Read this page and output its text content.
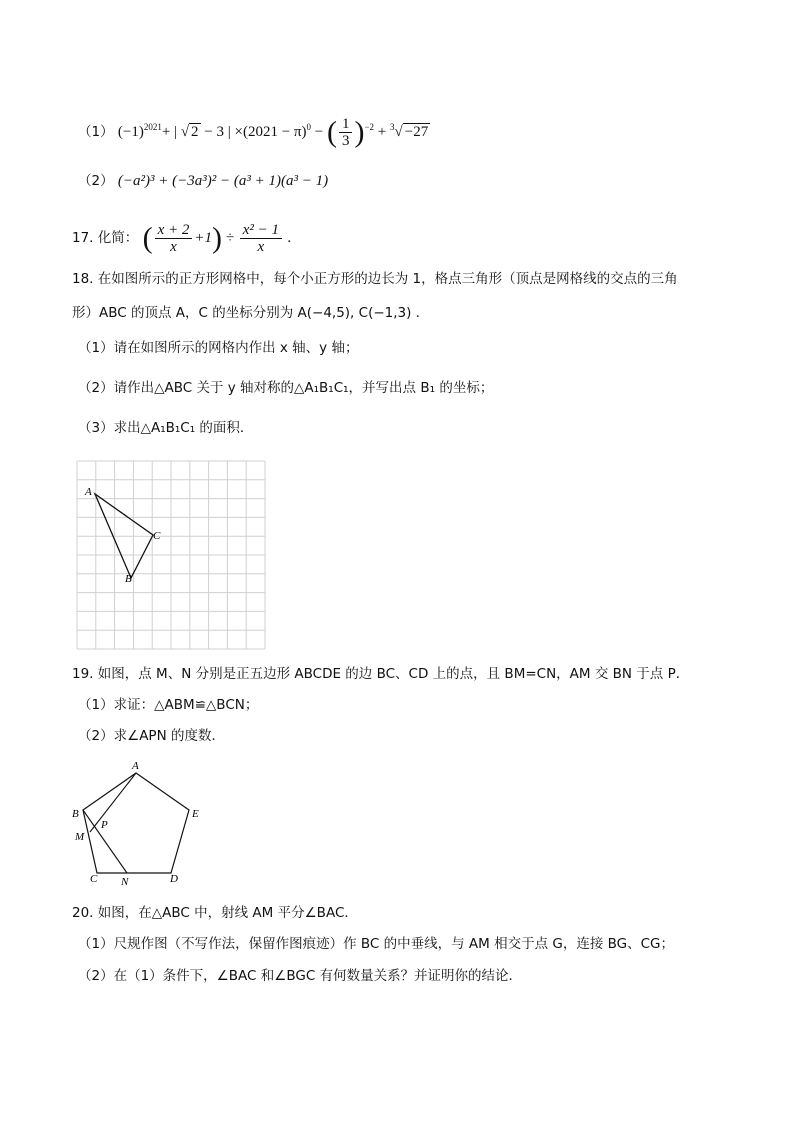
（1） $(-1)^{2021}+$ | √ 2 − 3 | $\times(2021 - \pi)^0$ − ( $\frac{1}{3} )^{-2} + ^3√ -27$
（2） (−a²)³ + (−3a³)² − (a³ + 1)(a³ − 1)
17. 化简： ( $\frac{x + 2}{x} +1) \div \frac{\text{x² − 1}}{x}$ .
18. 在如图所示的正方形网格中，每个小正方形的边长为 1，格点三角形（顶点是网格线的交点的三角
形）ABC 的顶点 A，C 的坐标分别为 A(−4,5), C(−1,3) .
（1）请在如图所示的网格内作出 x 轴、y 轴；
（2）请作出△ABC 关于 y 轴对称的△A₁B₁C₁，并写出点 B₁ 的坐标；
（3）求出△A₁B₁C₁ 的面积．
A
B
C
19. 如图，点 M、N 分别是正五边形 ABCDE 的边 BC、CD 上的点，且 BM=CN，AM 交 BN 于点 P．
（1）求证：△ABM≌△BCN；
（2）求∠APN 的度数．
A
B
C	D
E
M
N
P
20. 如图，在△ABC 中，射线 AM 平分∠BAC．
（1）尺规作图（不写作法，保留作图痕迹）作 BC 的中垂线，与 AM 相交于点 G，连接 BG、CG；
（2）在（1）条件下，∠BAC 和∠BGC 有何数量关系？并证明你的结论．
